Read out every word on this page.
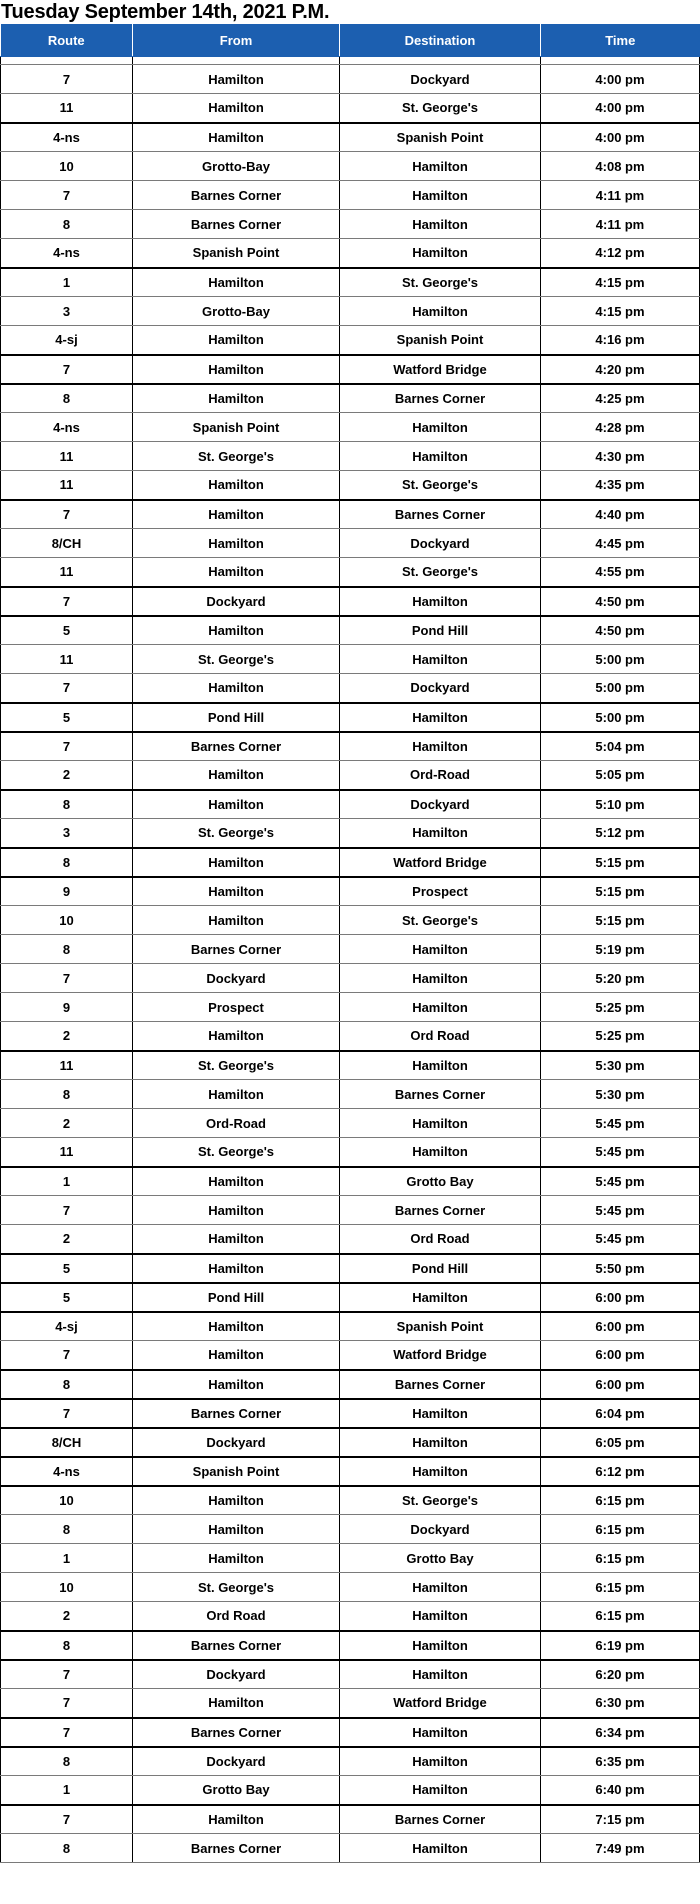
Tuesday September 14th, 2021 P.M.
Route	From	Destination	Time

7	Hamilton	Dockyard	4:00 pm
11	Hamilton	St. George's	4:00 pm
4-ns	Hamilton	Spanish Point	4:00 pm
10	Grotto-Bay	Hamilton	4:08 pm
7	Barnes Corner	Hamilton	4:11 pm
8	Barnes Corner	Hamilton	4:11 pm
4-ns	Spanish Point	Hamilton	4:12 pm
1	Hamilton	St. George's	4:15 pm
3	Grotto-Bay	Hamilton	4:15 pm
4-sj	Hamilton	Spanish Point	4:16 pm
7	Hamilton	Watford Bridge	4:20 pm
8	Hamilton	Barnes Corner	4:25 pm
4-ns	Spanish Point	Hamilton	4:28 pm
11	St. George's	Hamilton	4:30 pm
11	Hamilton	St. George's	4:35 pm
7	Hamilton	Barnes Corner	4:40 pm
8/CH	Hamilton	Dockyard	4:45 pm
11	Hamilton	St. George's	4:55 pm
7	Dockyard	Hamilton	4:50 pm
5	Hamilton	Pond Hill	4:50 pm
11	St. George's	Hamilton	5:00 pm
7	Hamilton	Dockyard	5:00 pm
5	Pond Hill	Hamilton	5:00 pm
7	Barnes Corner	Hamilton	5:04 pm
2	Hamilton	Ord-Road	5:05 pm
8	Hamilton	Dockyard	5:10 pm
3	St. George's	Hamilton	5:12 pm
8	Hamilton	Watford Bridge	5:15 pm
9	Hamilton	Prospect	5:15 pm
10	Hamilton	St. George's	5:15 pm
8	Barnes Corner	Hamilton	5:19 pm
7	Dockyard	Hamilton	5:20 pm
9	Prospect	Hamilton	5:25 pm
2	Hamilton	Ord Road	5:25 pm
11	St. George's	Hamilton	5:30 pm
8	Hamilton	Barnes Corner	5:30 pm
2	Ord-Road	Hamilton	5:45 pm
11	St. George's	Hamilton	5:45 pm
1	Hamilton	Grotto Bay	5:45 pm
7	Hamilton	Barnes Corner	5:45 pm
2	Hamilton	Ord Road	5:45 pm
5	Hamilton	Pond Hill	5:50 pm
5	Pond Hill	Hamilton	6:00 pm
4-sj	Hamilton	Spanish Point	6:00 pm
7	Hamilton	Watford Bridge	6:00 pm
8	Hamilton	Barnes Corner	6:00 pm
7	Barnes Corner	Hamilton	6:04 pm
8/CH	Dockyard	Hamilton	6:05 pm
4-ns	Spanish Point	Hamilton	6:12 pm
10	Hamilton	St. George's	6:15 pm
8	Hamilton	Dockyard	6:15 pm
1	Hamilton	Grotto Bay	6:15 pm
10	St. George's	Hamilton	6:15 pm
2	Ord Road	Hamilton	6:15 pm
8	Barnes Corner	Hamilton	6:19 pm
7	Dockyard	Hamilton	6:20 pm
7	Hamilton	Watford Bridge	6:30 pm
7	Barnes Corner	Hamilton	6:34 pm
8	Dockyard	Hamilton	6:35 pm
1	Grotto Bay	Hamilton	6:40 pm
7	Hamilton	Barnes Corner	7:15 pm
8	Barnes Corner	Hamilton	7:49 pm
